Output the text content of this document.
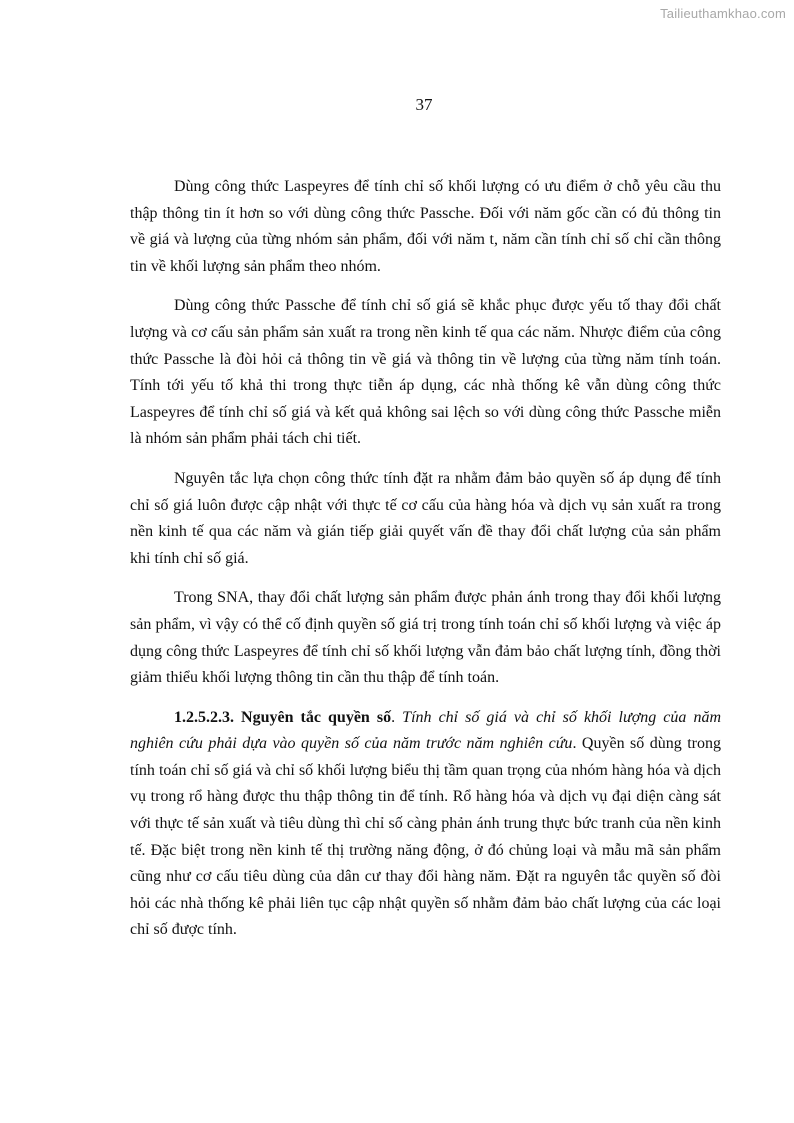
Tailieuthamkhao.com
37

Dùng công thức Laspeyres để tính chỉ số khối lượng có ưu điểm ở chỗ yêu cầu thu thập thông tin ít hơn so với dùng công thức Passche. Đối với năm gốc cần có đủ thông tin về giá và lượng của từng nhóm sản phẩm, đối với năm t, năm cần tính chỉ số chỉ cần thông tin về khối lượng sản phẩm theo nhóm.

Dùng công thức Passche để tính chỉ số giá sẽ khắc phục được yếu tố thay đổi chất lượng và cơ cấu sản phẩm sản xuất ra trong nền kinh tế qua các năm. Nhược điểm của công thức Passche là đòi hỏi cả thông tin về giá và thông tin về lượng của từng năm tính toán. Tính tới yếu tố khả thi trong thực tiễn áp dụng, các nhà thống kê vẫn dùng công thức Laspeyres để tính chỉ số giá và kết quả không sai lệch so với dùng công thức Passche miễn là nhóm sản phẩm phải tách chi tiết.

Nguyên tắc lựa chọn công thức tính đặt ra nhằm đảm bảo quyền số áp dụng để tính chỉ số giá luôn được cập nhật với thực tế cơ cấu của hàng hóa và dịch vụ sản xuất ra trong nền kinh tế qua các năm và gián tiếp giải quyết vấn đề thay đổi chất lượng của sản phẩm khi tính chỉ số giá.

Trong SNA, thay đổi chất lượng sản phẩm được phản ánh trong thay đổi khối lượng sản phẩm, vì vậy có thể cố định quyền số giá trị trong tính toán chỉ số khối lượng và việc áp dụng công thức Laspeyres để tính chỉ số khối lượng vẫn đảm bảo chất lượng tính, đồng thời giảm thiểu khối lượng thông tin cần thu thập để tính toán.

1.2.5.2.3. Nguyên tắc quyền số. Tính chỉ số giá và chỉ số khối lượng của năm nghiên cứu phải dựa vào quyền số của năm trước năm nghiên cứu. Quyền số dùng trong tính toán chỉ số giá và chỉ số khối lượng biểu thị tầm quan trọng của nhóm hàng hóa và dịch vụ trong rổ hàng được thu thập thông tin để tính. Rổ hàng hóa và dịch vụ đại diện càng sát với thực tế sản xuất và tiêu dùng thì chỉ số càng phản ánh trung thực bức tranh của nền kinh tế. Đặc biệt trong nền kinh tế thị trường năng động, ở đó chủng loại và mẫu mã sản phẩm cũng như cơ cấu tiêu dùng của dân cư thay đổi hàng năm. Đặt ra nguyên tắc quyền số đòi hỏi các nhà thống kê phải liên tục cập nhật quyền số nhằm đảm bảo chất lượng của các loại chỉ số được tính.
